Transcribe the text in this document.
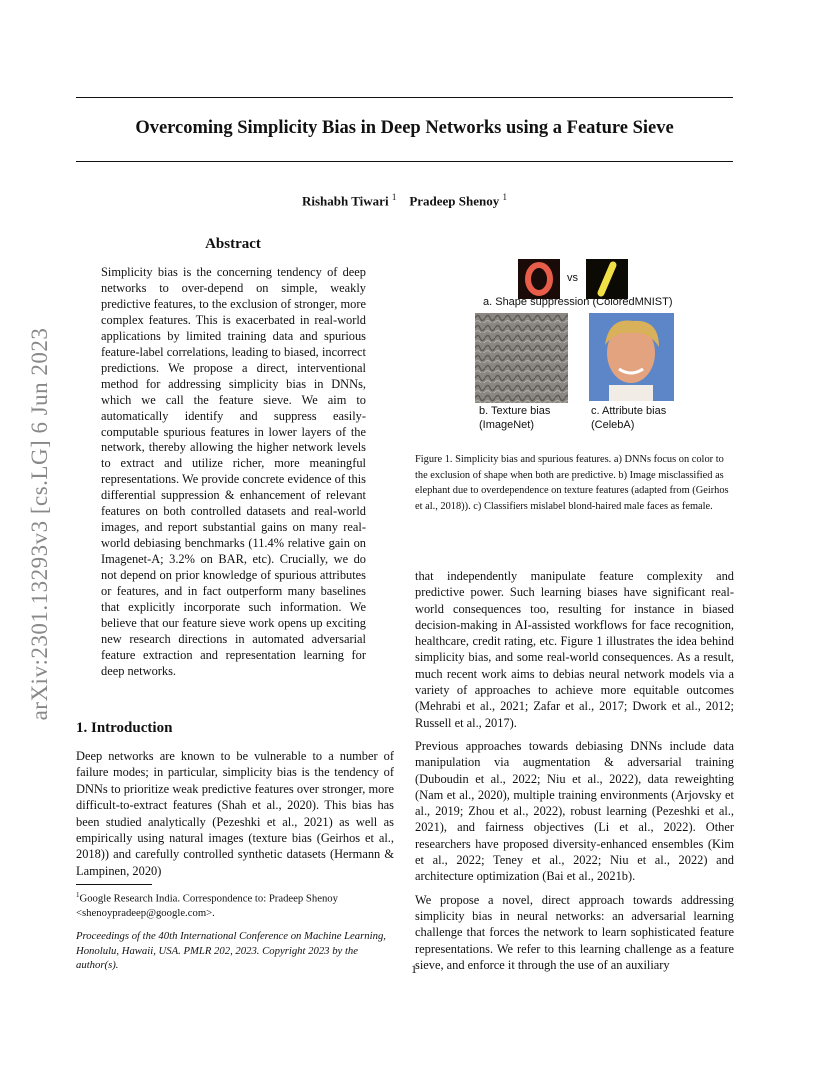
arXiv:2301.13293v3 [cs.LG] 6 Jun 2023
Overcoming Simplicity Bias in Deep Networks using a Feature Sieve
Rishabh Tiwari $^1$ Pradeep Shenoy $^1$
Abstract
Simplicity bias is the concerning tendency of deep networks to over-depend on simple, weakly predictive features, to the exclusion of stronger, more complex features. This is exacerbated in real-world applications by limited training data and spurious feature-label correlations, leading to biased, incorrect predictions. We propose a direct, interventional method for addressing simplicity bias in DNNs, which we call the feature sieve. We aim to automatically identify and suppress easily-computable spurious features in lower layers of the network, thereby allowing the higher network levels to extract and utilize richer, more meaningful representations. We provide concrete evidence of this differential suppression & enhancement of relevant features on both controlled datasets and real-world images, and report substantial gains on many real-world debiasing benchmarks (11.4% relative gain on Imagenet-A; 3.2% on BAR, etc). Crucially, we do not depend on prior knowledge of spurious attributes or features, and in fact outperform many baselines that explicitly incorporate such information. We believe that our feature sieve work opens up exciting new research directions in automated adversarial feature extraction and representation learning for deep networks.
1. Introduction
Deep networks are known to be vulnerable to a number of failure modes; in particular, simplicity bias is the tendency of DNNs to prioritize weak predictive features over stronger, more difficult-to-extract features (Shah et al., 2020). This bias has been studied analytically (Pezeshki et al., 2021) as well as empirically using natural images (texture bias (Geirhos et al., 2018)) and carefully controlled synthetic datasets (Hermann & Lampinen, 2020)
$^1$Google Research India. Correspondence to: Pradeep Shenoy <shenoypradeep@google.com>.
Proceedings of the 40th International Conference on Machine Learning, Honolulu, Hawaii, USA. PMLR 202, 2023. Copyright 2023 by the author(s).
vs
a. Shape suppression (ColoredMNIST)
b. Texture bias
(ImageNet)
c. Attribute bias
(CelebA)
Figure 1. Simplicity bias and spurious features. a) DNNs focus on color to the exclusion of shape when both are predictive. b) Image misclassified as elephant due to overdependence on texture features (adapted from (Geirhos et al., 2018)). c) Classifiers mislabel blond-haired male faces as female.

that independently manipulate feature complexity and predictive power. Such learning biases have significant real-world consequences too, resulting for instance in biased decision-making in AI-assisted workflows for face recognition, healthcare, credit rating, etc. Figure 1 illustrates the idea behind simplicity bias, and some real-world consequences. As a result, much recent work aims to debias neural network models via a variety of approaches to achieve more equitable outcomes (Mehrabi et al., 2021; Zafar et al., 2017; Dwork et al., 2012; Russell et al., 2017).

Previous approaches towards debiasing DNNs include data manipulation via augmentation & adversarial training (Duboudin et al., 2022; Niu et al., 2022), data reweighting (Nam et al., 2020), multiple training environments (Arjovsky et al., 2019; Zhou et al., 2022), robust learning (Pezeshki et al., 2021), and fairness objectives (Li et al., 2022). Other researchers have proposed diversity-enhanced ensembles (Kim et al., 2022; Teney et al., 2022; Niu et al., 2022) and architecture optimization (Bai et al., 2021b).

We propose a novel, direct approach towards addressing simplicity bias in neural networks: an adversarial learning challenge that forces the network to learn sophisticated feature representations. We refer to this learning challenge as a feature sieve, and enforce it through the use of an auxiliary

1
